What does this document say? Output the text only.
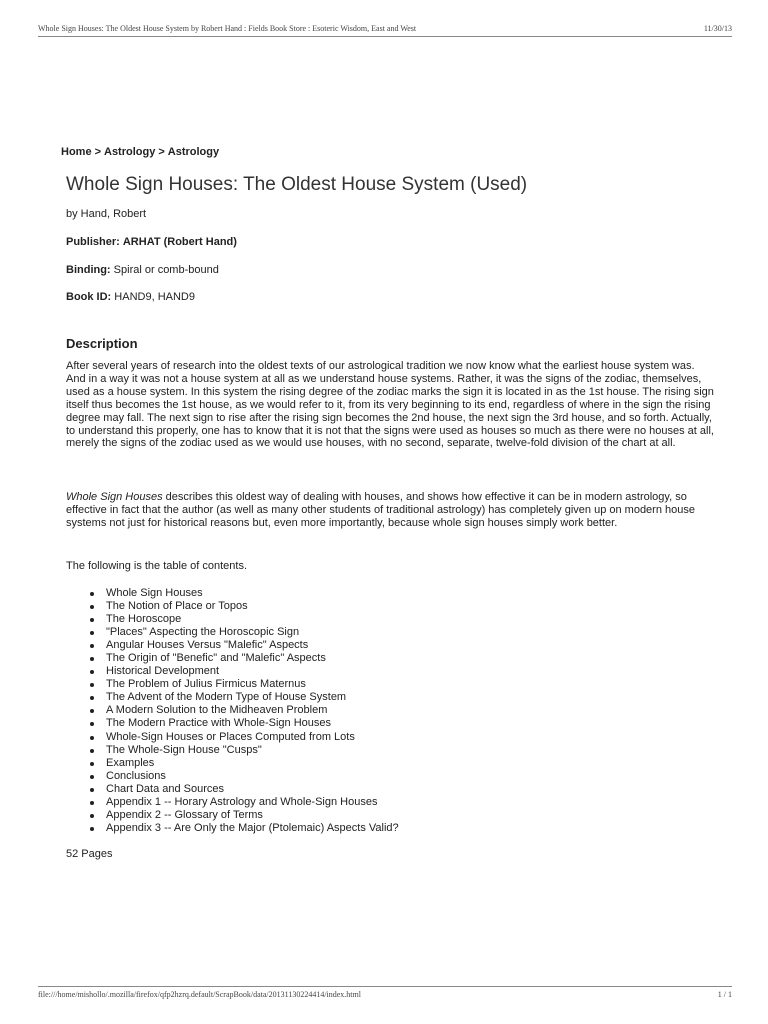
Whole Sign Houses: The Oldest House System by Robert Hand : Fields Book Store : Esoteric Wisdom, East and West	11/30/13
Home > Astrology > Astrology
Whole Sign Houses: The Oldest House System (Used)
by Hand, Robert
Publisher: ARHAT (Robert Hand)
Binding: Spiral or comb-bound
Book ID: HAND9, HAND9
Description

After several years of research into the oldest texts of our astrological tradition we now know what the earliest house system was. And in a way it was not a house system at all as we understand house systems. Rather, it was the signs of the zodiac, themselves, used as a house system. In this system the rising degree of the zodiac marks the sign it is located in as the 1st house. The rising sign itself thus becomes the 1st house, as we would refer to it, from its very beginning to its end, regardless of where in the sign the rising degree may fall. The next sign to rise after the rising sign becomes the 2nd house, the next sign the 3rd house, and so forth. Actually, to understand this properly, one has to know that it is not that the signs were used as houses so much as there were no houses at all, merely the signs of the zodiac used as we would use houses, with no second, separate, twelve-fold division of the chart at all.

Whole Sign Houses describes this oldest way of dealing with houses, and shows how effective it can be in modern astrology, so effective in fact that the author (as well as many other students of traditional astrology) has completely given up on modern house systems not just for historical reasons but, even more importantly, because whole sign houses simply work better.

The following is the table of contents.

Whole Sign Houses
The Notion of Place or Topos
The Horoscope
"Places" Aspecting the Horoscopic Sign
Angular Houses Versus "Malefic" Aspects
The Origin of "Benefic" and "Malefic" Aspects
Historical Development
The Problem of Julius Firmicus Maternus
The Advent of the Modern Type of House System
A Modern Solution to the Midheaven Problem
The Modern Practice with Whole-Sign Houses
Whole-Sign Houses or Places Computed from Lots
The Whole-Sign House "Cusps"
Examples
Conclusions
Chart Data and Sources
Appendix 1 -- Horary Astrology and Whole-Sign Houses
Appendix 2 -- Glossary of Terms
Appendix 3 -- Are Only the Major (Ptolemaic) Aspects Valid?
52 Pages
file:///home/mishollo/.mozilla/firefox/qfp2hzrq.default/ScrapBook/data/20131130224414/index.html	1 / 1
